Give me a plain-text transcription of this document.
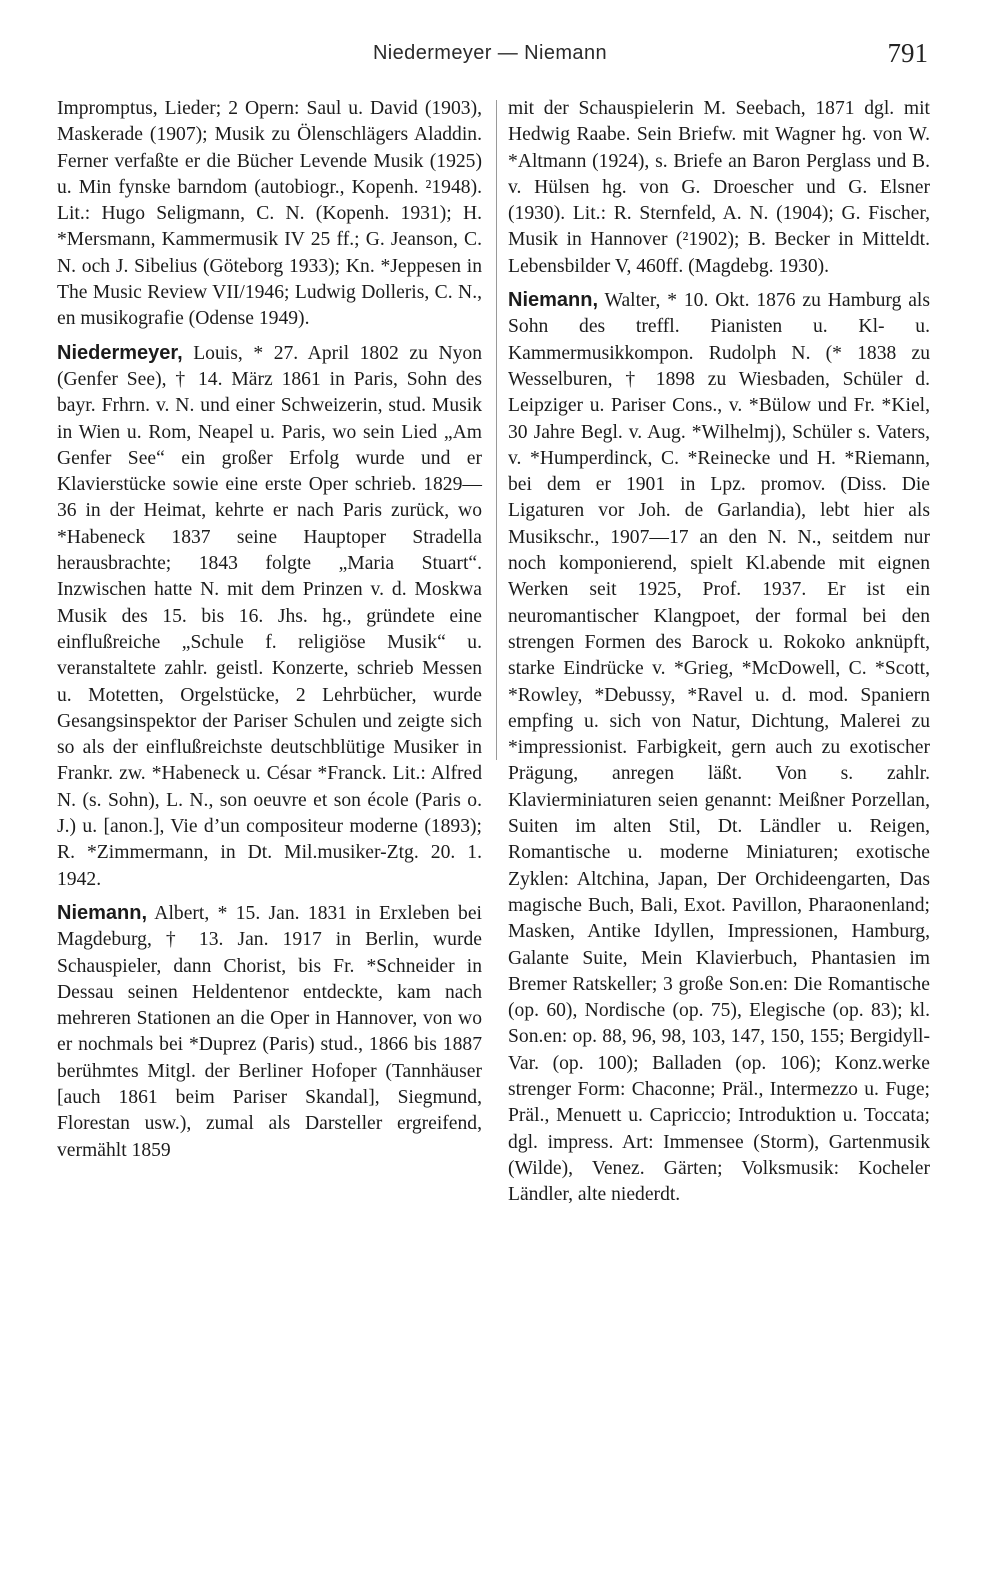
Niedermeyer — Niemann	791

Impromptus, Lieder; 2 Opern: Saul u. David (1903), Maskerade (1907); Musik zu Ölenschlägers Aladdin. Ferner verfaßte er die Bücher Levende Musik (1925) u. Min fynske barndom (autobiogr., Kopenh. ²1948). Lit.: Hugo Seligmann, C. N. (Kopenh. 1931); H. *Mersmann, Kammermusik IV 25 ff.; G. Jeanson, C. N. och J. Sibelius (Göteborg 1933); Kn. *Jeppesen in The Music Review VII/1946; Ludwig Dolleris, C. N., en musikografie (Odense 1949).

Niedermeyer, Louis, * 27. April 1802 zu Nyon (Genfer See), † 14. März 1861 in Paris, Sohn des bayr. Frhrn. v. N. und einer Schweizerin, stud. Musik in Wien u. Rom, Neapel u. Paris, wo sein Lied „Am Genfer See“ ein großer Erfolg wurde und er Klavierstücke sowie eine erste Oper schrieb. 1829—36 in der Heimat, kehrte er nach Paris zurück, wo *Habeneck 1837 seine Hauptoper Stradella herausbrachte; 1843 folgte „Maria Stuart“. Inzwischen hatte N. mit dem Prinzen v. d. Moskwa Musik des 15. bis 16. Jhs. hg., gründete eine einflußreiche „Schule f. religiöse Musik“ u. veranstaltete zahlr. geistl. Konzerte, schrieb Messen u. Motetten, Orgelstücke, 2 Lehrbücher, wurde Gesangsinspektor der Pariser Schulen und zeigte sich so als der einflußreichste deutschblütige Musiker in Frankr. zw. *Habeneck u. César *Franck. Lit.: Alfred N. (s. Sohn), L. N., son oeuvre et son école (Paris o. J.) u. [anon.], Vie d’un compositeur moderne (1893); R. *Zimmermann, in Dt. Mil.musiker-Ztg. 20. 1. 1942.

Niemann, Albert, * 15. Jan. 1831 in Erxleben bei Magdeburg, † 13. Jan. 1917 in Berlin, wurde Schauspieler, dann Chorist, bis Fr. *Schneider in Dessau seinen Heldentenor entdeckte, kam nach mehreren Stationen an die Oper in Hannover, von wo er nochmals bei *Duprez (Paris) stud., 1866 bis 1887 berühmtes Mitgl. der Berliner Hofoper (Tannhäuser [auch 1861 beim Pariser Skandal], Siegmund, Florestan usw.), zumal als Darsteller ergreifend, vermählt 1859

mit der Schauspielerin M. Seebach, 1871 dgl. mit Hedwig Raabe. Sein Briefw. mit Wagner hg. von W. *Altmann (1924), s. Briefe an Baron Perglass und B. v. Hülsen hg. von G. Droescher und G. Elsner (1930). Lit.: R. Sternfeld, A. N. (1904); G. Fischer, Musik in Hannover (²1902); B. Becker in Mitteldt. Lebensbilder V, 460ff. (Magdebg. 1930).

Niemann, Walter, * 10. Okt. 1876 zu Hamburg als Sohn des treffl. Pianisten u. Kl- u. Kammermusikkompon. Rudolph N. (* 1838 zu Wesselburen, † 1898 zu Wiesbaden, Schüler d. Leipziger u. Pariser Cons., v. *Bülow und Fr. *Kiel, 30 Jahre Begl. v. Aug. *Wilhelmj), Schüler s. Vaters, v. *Humperdinck, C. *Reinecke und H. *Riemann, bei dem er 1901 in Lpz. promov. (Diss. Die Ligaturen vor Joh. de Garlandia), lebt hier als Musikschr., 1907—17 an den N. N., seitdem nur noch komponierend, spielt Kl.abende mit eignen Werken seit 1925, Prof. 1937. Er ist ein neuromantischer Klangpoet, der formal bei den strengen Formen des Barock u. Rokoko anknüpft, starke Eindrücke v. *Grieg, *McDowell, C. *Scott, *Rowley, *Debussy, *Ravel u. d. mod. Spaniern empfing u. sich von Natur, Dichtung, Malerei zu *impressionist. Farbigkeit, gern auch zu exotischer Prägung, anregen läßt. Von s. zahlr. Klavierminiaturen seien genannt: Meißner Porzellan, Suiten im alten Stil, Dt. Ländler u. Reigen, Romantische u. moderne Miniaturen; exotische Zyklen: Altchina, Japan, Der Orchideengarten, Das magische Buch, Bali, Exot. Pavillon, Pharaonenland; Masken, Antike Idyllen, Impressionen, Hamburg, Galante Suite, Mein Klavierbuch, Phantasien im Bremer Ratskeller; 3 große Son.en: Die Romantische (op. 60), Nordische (op. 75), Elegische (op. 83); kl. Son.en: op. 88, 96, 98, 103, 147, 150, 155; Bergidyll-Var. (op. 100); Balladen (op. 106); Konz.werke strenger Form: Chaconne; Präl., Intermezzo u. Fuge; Präl., Menuett u. Capriccio; Introduktion u. Toccata; dgl. impress. Art: Immensee (Storm), Gartenmusik (Wilde), Venez. Gärten; Volksmusik: Kocheler Ländler, alte niederdt.
